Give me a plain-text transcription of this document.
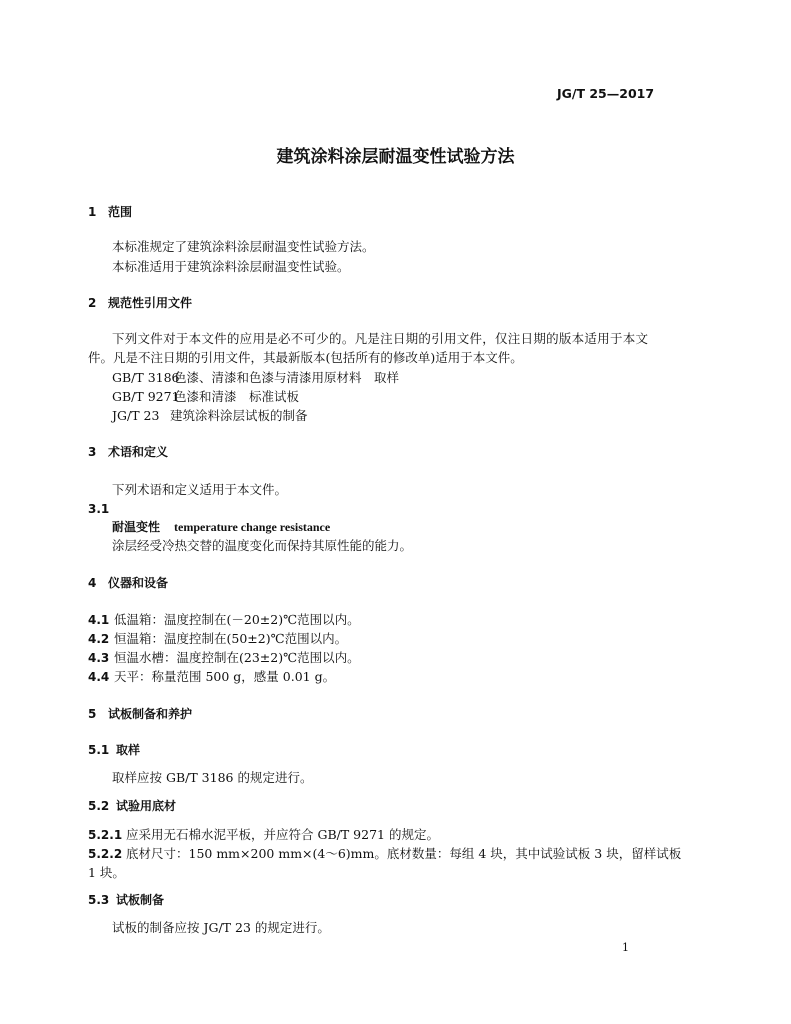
JG/T 25—2017
建筑涂料涂层耐温变性试验方法
1 范围
本标准规定了建筑涂料涂层耐温变性试验方法。
本标准适用于建筑涂料涂层耐温变性试验。
2 规范性引用文件
下列文件对于本文件的应用是必不可少的。凡是注日期的引用文件，仅注日期的版本适用于本文
件。凡是不注日期的引用文件，其最新版本(包括所有的修改单)适用于本文件。
GB/T 3186色漆、清漆和色漆与清漆用原材料　取样
GB/T 9271色漆和清漆　标准试板
JG/T 23 建筑涂料涂层试板的制备
3 术语和定义
下列术语和定义适用于本文件。
3.1
耐温变性 temperature change resistance
涂层经受冷热交替的温度变化而保持其原性能的能力。
4 仪器和设备
4.1 低温箱：温度控制在(－20±2)℃范围以内。
4.2 恒温箱：温度控制在(50±2)℃范围以内。
4.3 恒温水槽：温度控制在(23±2)℃范围以内。
4.4 天平：称量范围 500 g，感量 0.01 g。
5 试板制备和养护
5.1 取样
取样应按 GB/T 3186 的规定进行。
5.2 试验用底材
5.2.1 应采用无石棉水泥平板，并应符合 GB/T 9271 的规定。
5.2.2 底材尺寸：150 mm×200 mm×(4～6)mm。底材数量：每组 4 块，其中试验试板 3 块，留样试板
1 块。
5.3 试板制备
试板的制备应按 JG/T 23 的规定进行。
1
